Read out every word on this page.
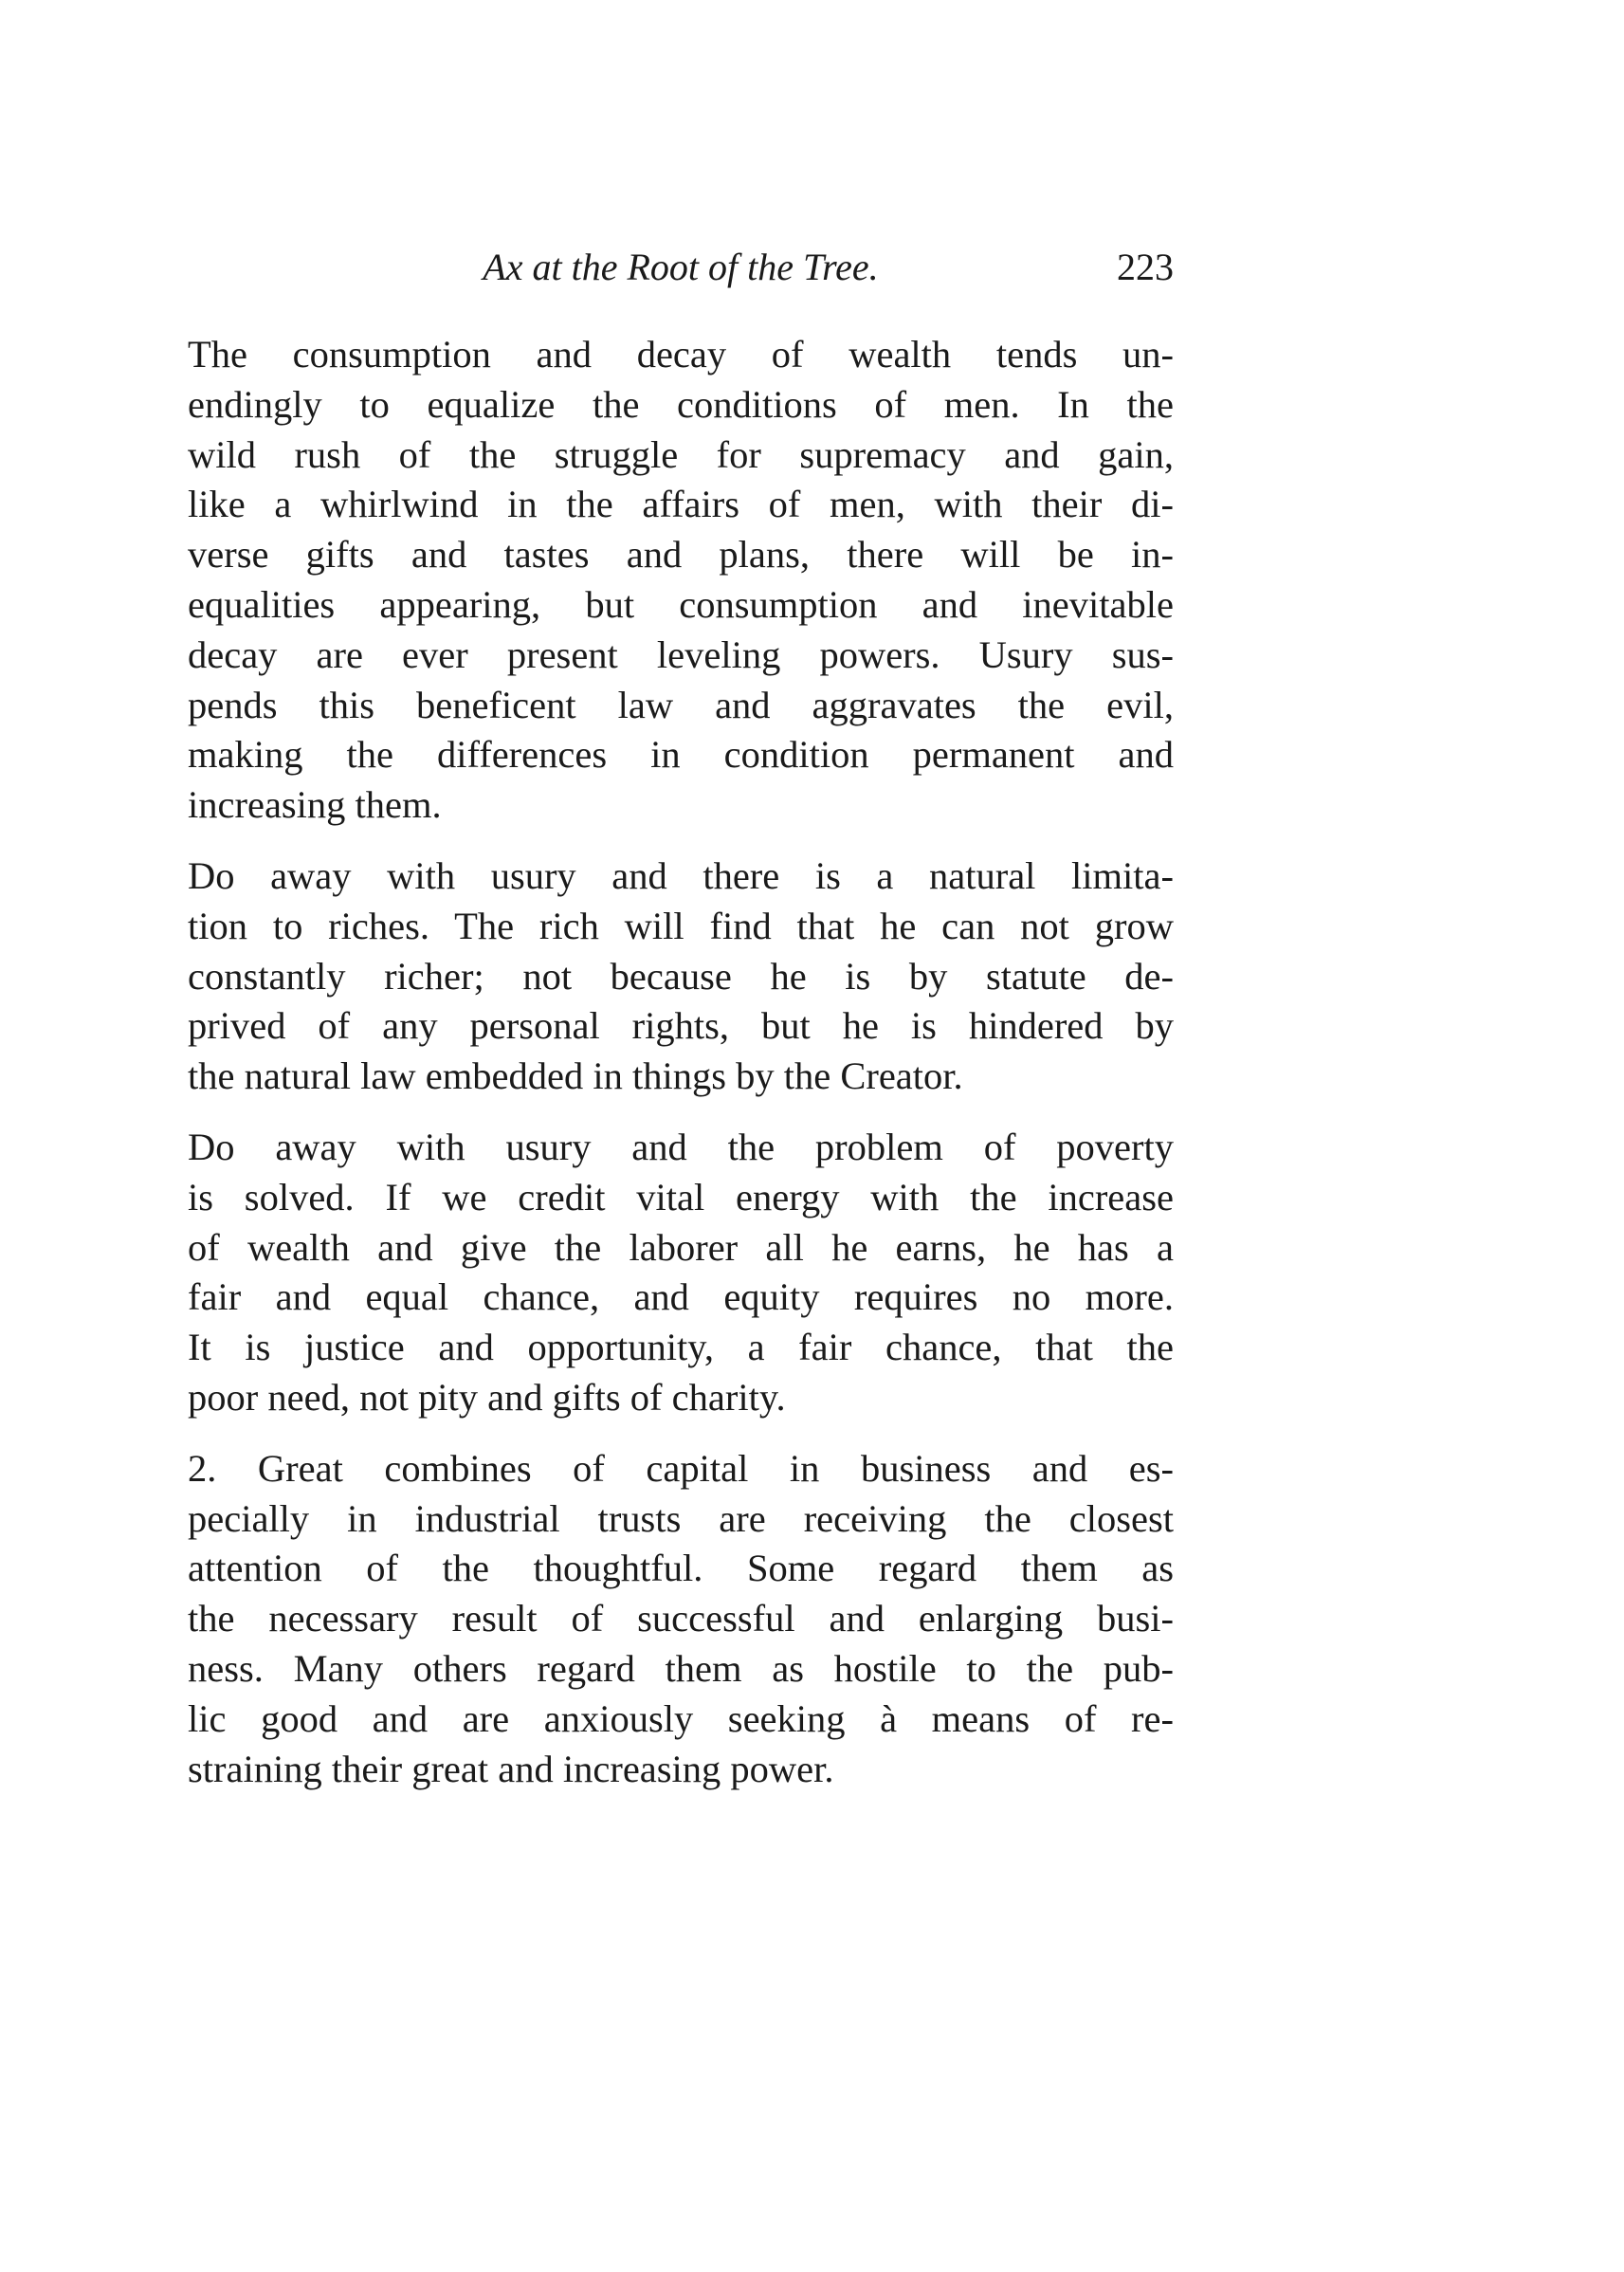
Ax at the Root of the Tree.	223

The consumption and decay of wealth tends un-
endingly to equalize the conditions of men. In the
wild rush of the struggle for supremacy and gain,
like a whirlwind in the affairs of men, with their di-
verse gifts and tastes and plans, there will be in-
equalities appearing, but consumption and inevitable
decay are ever present leveling powers. Usury sus-
pends this beneficent law and aggravates the evil,
making the differences in condition permanent and
increasing them.

Do away with usury and there is a natural limita-
tion to riches. The rich will find that he can not grow
constantly richer; not because he is by statute de-
prived of any personal rights, but he is hindered by
the natural law embedded in things by the Creator.

Do away with usury and the problem of poverty
is solved. If we credit vital energy with the increase
of wealth and give the laborer all he earns, he has a
fair and equal chance, and equity requires no more.
It is justice and opportunity, a fair chance, that the
poor need, not pity and gifts of charity.

2. Great combines of capital in business and es-
pecially in industrial trusts are receiving the closest
attention of the thoughtful. Some regard them as
the necessary result of successful and enlarging busi-
ness. Many others regard them as hostile to the pub-
lic good and are anxiously seeking à means of re-
straining their great and increasing power.
